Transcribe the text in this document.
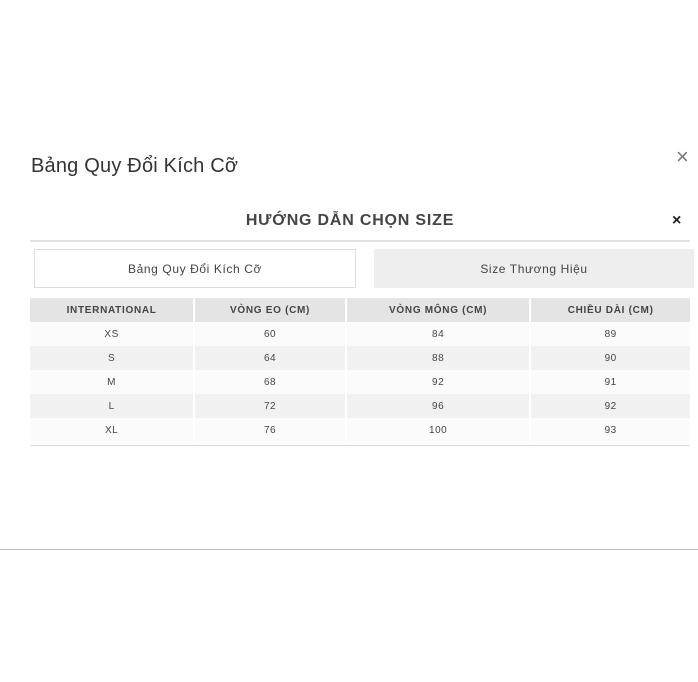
Bảng Quy Đổi Kích Cỡ	×
HƯỚNG DẪN CHỌN SIZE	×
Bảng Quy Đổi Kích Cỡ	Size Thương Hiệu
INTERNATIONAL	VÒNG EO (CM)	VÒNG MÔNG (CM)	CHIỀU DÀI (CM)
XS	60	84	89
S	64	88	90
M	68	92	91
L	72	96	92
XL	76	100	93
